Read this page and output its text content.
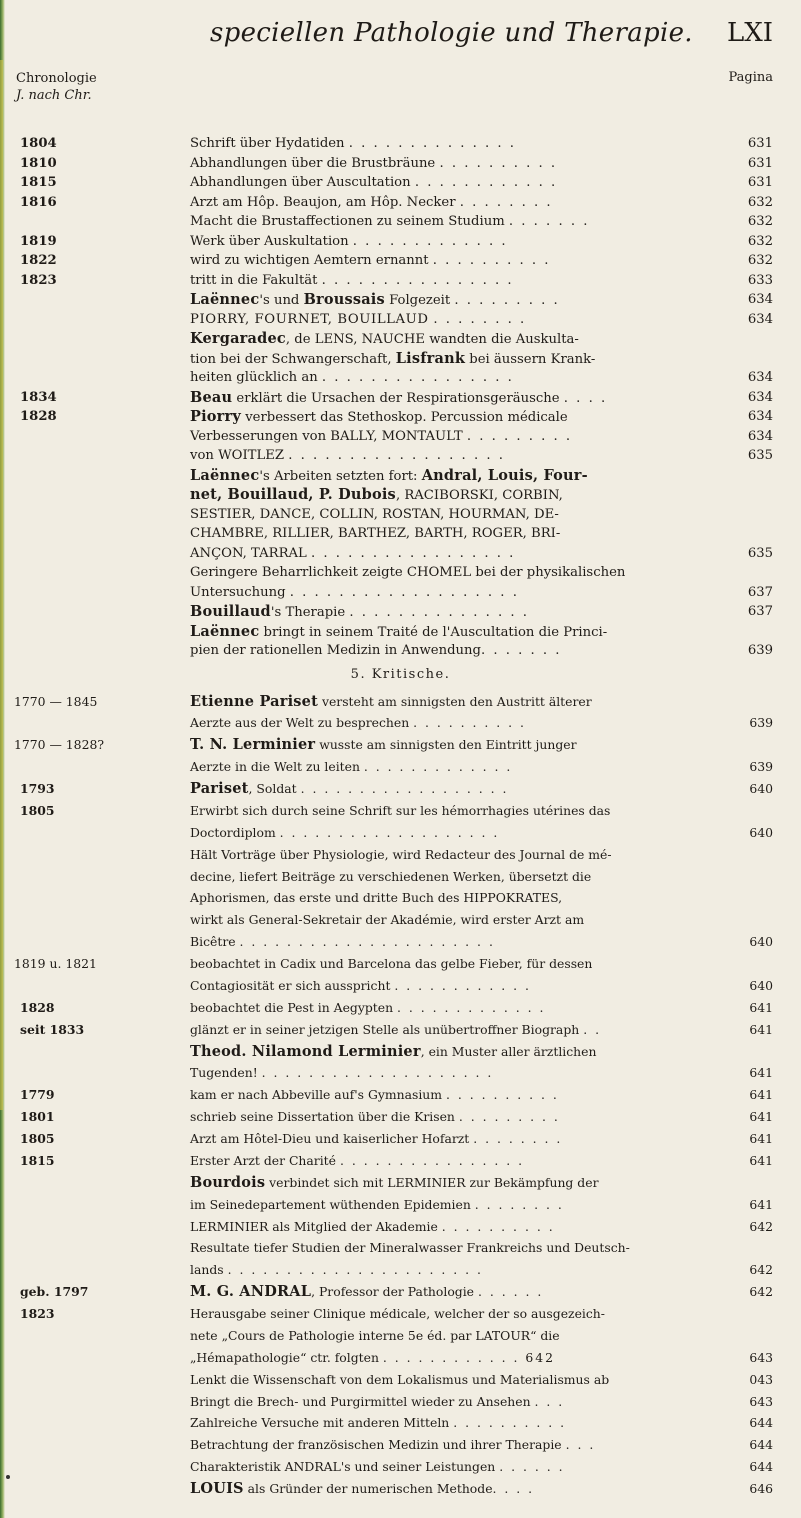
speciellen Pathologie und Therapie. LXI
Chronologie
J. nach Chr.
Pagina
1804	Schrift über Hydatiden . . . . . . . . . . . . . .	631
1810	Abhandlungen über die Brustbräune . . . . . . . . . .	631
1815	Abhandlungen über Auscultation . . . . . . . . . . . .	631
1816	Arzt am Hôp. Beaujon, am Hôp. Necker . . . . . . . .	632
Macht die Brustaffectionen zu seinem Studium . . . . . . .	632
1819	Werk über Auskultation . . . . . . . . . . . . .	632
1822	wird zu wichtigen Aemtern ernannt . . . . . . . . . .	632
1823	tritt in die Fakultät . . . . . . . . . . . . . . . .	633
Laënnec's und Broussais Folgezeit . . . . . . . . .	634
PIORRY, FOURNET, BOUILLAUD . . . . . . . .	634
Kergaradec, de LENS, NAUCHE wandten die Auskulta-
tion bei der Schwangerschaft, Lisfrank bei äussern Krank-
heiten glücklich an . . . . . . . . . . . . . . . .	634
1834	Beau erklärt die Ursachen der Respirationsgeräusche . . . .	634
1828	Piorry verbessert das Stethoskop. Percussion médicale	634
Verbesserungen von BALLY, MONTAULT . . . . . . . . .	634
von WOITLEZ . . . . . . . . . . . . . . . . . .	635
Laënnec's Arbeiten setzten fort: Andral, Louis, Four-
net, Bouillaud, P. Dubois, RACIBORSKI, CORBIN,
SESTIER, DANCE, COLLIN, ROSTAN, HOURMAN, DE-
CHAMBRE, RILLIER, BARTHEZ, BARTH, ROGER, BRI-
ANÇON, TARRAL . . . . . . . . . . . . . . . . .	635
Geringere Beharrlichkeit zeigte CHOMEL bei der physikalischen
Untersuchung . . . . . . . . . . . . . . . . . . .	637
Bouillaud's Therapie . . . . . . . . . . . . . . .	637
Laënnec bringt in seinem Traité de l'Auscultation die Princi-
pien der rationellen Medizin in Anwendung. . . . . . .	639
1770 — 1845	Etienne Pariset versteht am sinnigsten den Austritt älterer
Aerzte aus der Welt zu besprechen . . . . . . . . . .	639
1770 — 1828?	T. N. Lerminier wusste am sinnigsten den Eintritt junger
Aerzte in die Welt zu leiten . . . . . . . . . . . . .	639
1793	Pariset, Soldat . . . . . . . . . . . . . . . . . .	640
1805	Erwirbt sich durch seine Schrift sur les hémorrhagies utérines das
Doctordiplom . . . . . . . . . . . . . . . . . . .	640
Hält Vorträge über Physiologie, wird Redacteur des Journal de mé-
decine, liefert Beiträge zu verschiedenen Werken, übersetzt die
Aphorismen, das erste und dritte Buch des HIPPOKRATES,
wirkt als General-Sekretair der Akadémie, wird erster Arzt am
Bicêtre . . . . . . . . . . . . . . . . . . . . . .	640
1819 u. 1821	beobachtet in Cadix und Barcelona das gelbe Fieber, für dessen
Contagiosität er sich ausspricht . . . . . . . . . . . .	640
1828	beobachtet die Pest in Aegypten . . . . . . . . . . . . .	641
seit 1833	glänzt er in seiner jetzigen Stelle als unübertroffner Biograph . .	641
Theod. Nilamond Lerminier, ein Muster aller ärztlichen
Tugenden! . . . . . . . . . . . . . . . . . . . .	641
1779	kam er nach Abbeville auf's Gymnasium . . . . . . . . . .	641
1801	schrieb seine Dissertation über die Krisen . . . . . . . . .	641
1805	Arzt am Hôtel-Dieu und kaiserlicher Hofarzt . . . . . . . .	641
1815	Erster Arzt der Charité . . . . . . . . . . . . . . . .	641
Bourdois verbindet sich mit LERMINIER zur Bekämpfung der
im Seinedepartement wüthenden Epidemien . . . . . . . .	641
LERMINIER als Mitglied der Akademie . . . . . . . . . .	642
Resultate tiefer Studien der Mineralwasser Frankreichs und Deutsch-
lands . . . . . . . . . . . . . . . . . . . . . .	642
geb. 1797	M. G. ANDRAL, Professor der Pathologie . . . . . .	642
1823	Herausgabe seiner Clinique médicale, welcher der so ausgezeich-
nete „Cours de Pathologie interne 5e éd. par LATOUR“ die
„Hémapathologie“ ctr. folgten . . . . . . . . . . . . 642	643
Lenkt die Wissenschaft von dem Lokalismus und Materialismus ab	043
Bringt die Brech- und Purgirmittel wieder zu Ansehen . . .	643
Zahlreiche Versuche mit anderen Mitteln . . . . . . . . . .	644
Betrachtung der französischen Medizin und ihrer Therapie . . .	644
Charakteristik ANDRAL's und seiner Leistungen . . . . . .	644
LOUIS als Gründer der numerischen Methode. . . .	646
5. Kritische.
